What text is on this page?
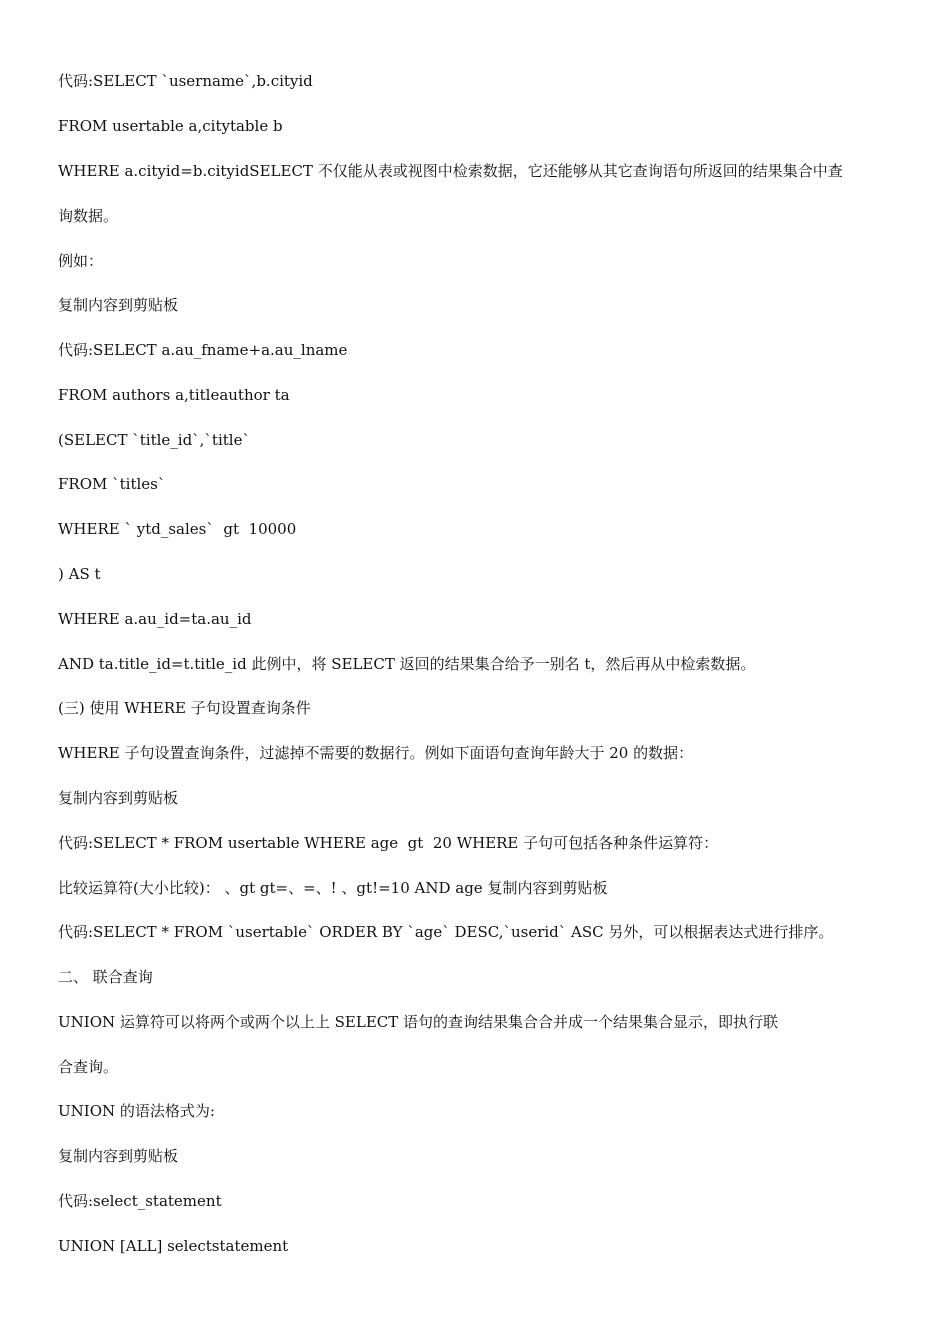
代码:SELECT `username`,b.cityid

FROM usertable a,citytable b

WHERE a.cityid=b.cityidSELECT 不仅能从表或视图中检索数据，它还能够从其它查询语句所返回的结果集合中查

询数据。

例如：

复制内容到剪贴板

代码:SELECT a.au_fname+a.au_lname

FROM authors a,titleauthor ta

(SELECT `title_id`,`title`

FROM `titles`

WHERE ` ytd_sales`  gt  10000

) AS t

WHERE a.au_id=ta.au_id

AND ta.title_id=t.title_id 此例中，将 SELECT 返回的结果集合给予一别名 t，然后再从中检索数据。

(三) 使用 WHERE 子句设置查询条件

WHERE 子句设置查询条件，过滤掉不需要的数据行。例如下面语句查询年龄大于 20 的数据：

复制内容到剪贴板

代码:SELECT * FROM usertable WHERE age  gt  20 WHERE 子句可包括各种条件运算符：

比较运算符(大小比较)： 、gt gt=、=、! 、gt!=10 AND age 复制内容到剪贴板

代码:SELECT * FROM `usertable` ORDER BY `age` DESC,`userid` ASC 另外，可以根据表达式进行排序。

二、 联合查询

UNION 运算符可以将两个或两个以上上 SELECT 语句的查询结果集合合并成一个结果集合显示，即执行联

合查询。

UNION 的语法格式为:

复制内容到剪贴板

代码:select_statement

UNION [ALL] selectstatement
